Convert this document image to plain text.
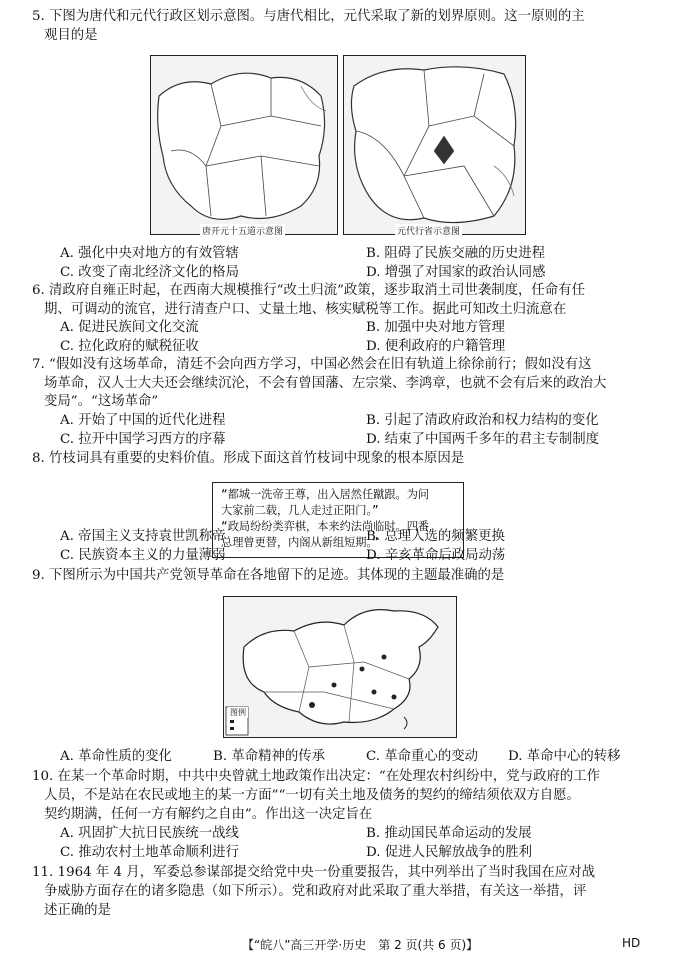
5. 下图为唐代和元代行政区划示意图。与唐代相比，元代采取了新的划界原则。这一原则的主
观目的是
唐开元十五道示意图	元代行省示意图
A. 强化中央对地方的有效管辖	B. 阻碍了民族交融的历史进程
C. 改变了南北经济文化的格局	D. 增强了对国家的政治认同感
6. 清政府自雍正时起，在西南大规模推行“改土归流”政策，逐步取消土司世袭制度，任命有任
期、可调动的流官，进行清查户口、丈量土地、核实赋税等工作。据此可知改土归流意在
A. 促进民族间文化交流	B. 加强中央对地方管理
C. 拉化政府的赋税征收	D. 便利政府的户籍管理
7. “假如没有这场革命，清廷不会向西方学习，中国必然会在旧有轨道上徐徐前行；假如没有这
场革命，汉人士大夫还会继续沉沦，不会有曾国藩、左宗棠、李鸿章，也就不会有后来的政治大
变局”。“这场革命”
A. 开始了中国的近代化进程	B. 引起了清政府政治和权力结构的变化
C. 拉开中国学习西方的序幕	D. 结束了中国两千多年的君主专制制度
8. 竹枝词具有重要的史料价值。形成下面这首竹枝词中现象的根本原因是
“都城一洗帝王尊，出入居然任蹴跟。为问
大家前二载，几人走过正阳门。”
“政局纷纷类弈棋，本来约法尚临时。四番
总理曾更替，内阁从新组短期。”
A. 帝国主义支持袁世凯称帝	B. 总理人选的频繁更换
C. 民族资本主义的力量薄弱	D. 辛亥革命后政局动荡
9. 下图所示为中国共产党领导革命在各地留下的足迹。其体现的主题最准确的是
图例
A. 革命性质的变化	B. 革命精神的传承	C. 革命重心的变动 D. 革命中心的转移
10. 在某一个革命时期，中共中央曾就土地政策作出决定：“在处理农村纠纷中，党与政府的工作
人员，不是站在农民或地主的某一方面”“一切有关土地及债务的契约的缔结须依双方自愿。
契约期满，任何一方有解约之自由”。作出这一决定旨在
A. 巩固扩大抗日民族统一战线	B. 推动国民革命运动的发展
C. 推动农村土地革命顺利进行	D. 促进人民解放战争的胜利
11. 1964 年 4 月，军委总参谋部提交给党中央一份重要报告，其中列举出了当时我国在应对战
争威胁方面存在的诸多隐患（如下所示）。党和政府对此采取了重大举措，有关这一举措，评
述正确的是
【“皖八”高三开学·历史　第 2 页(共 6 页)】	HD
